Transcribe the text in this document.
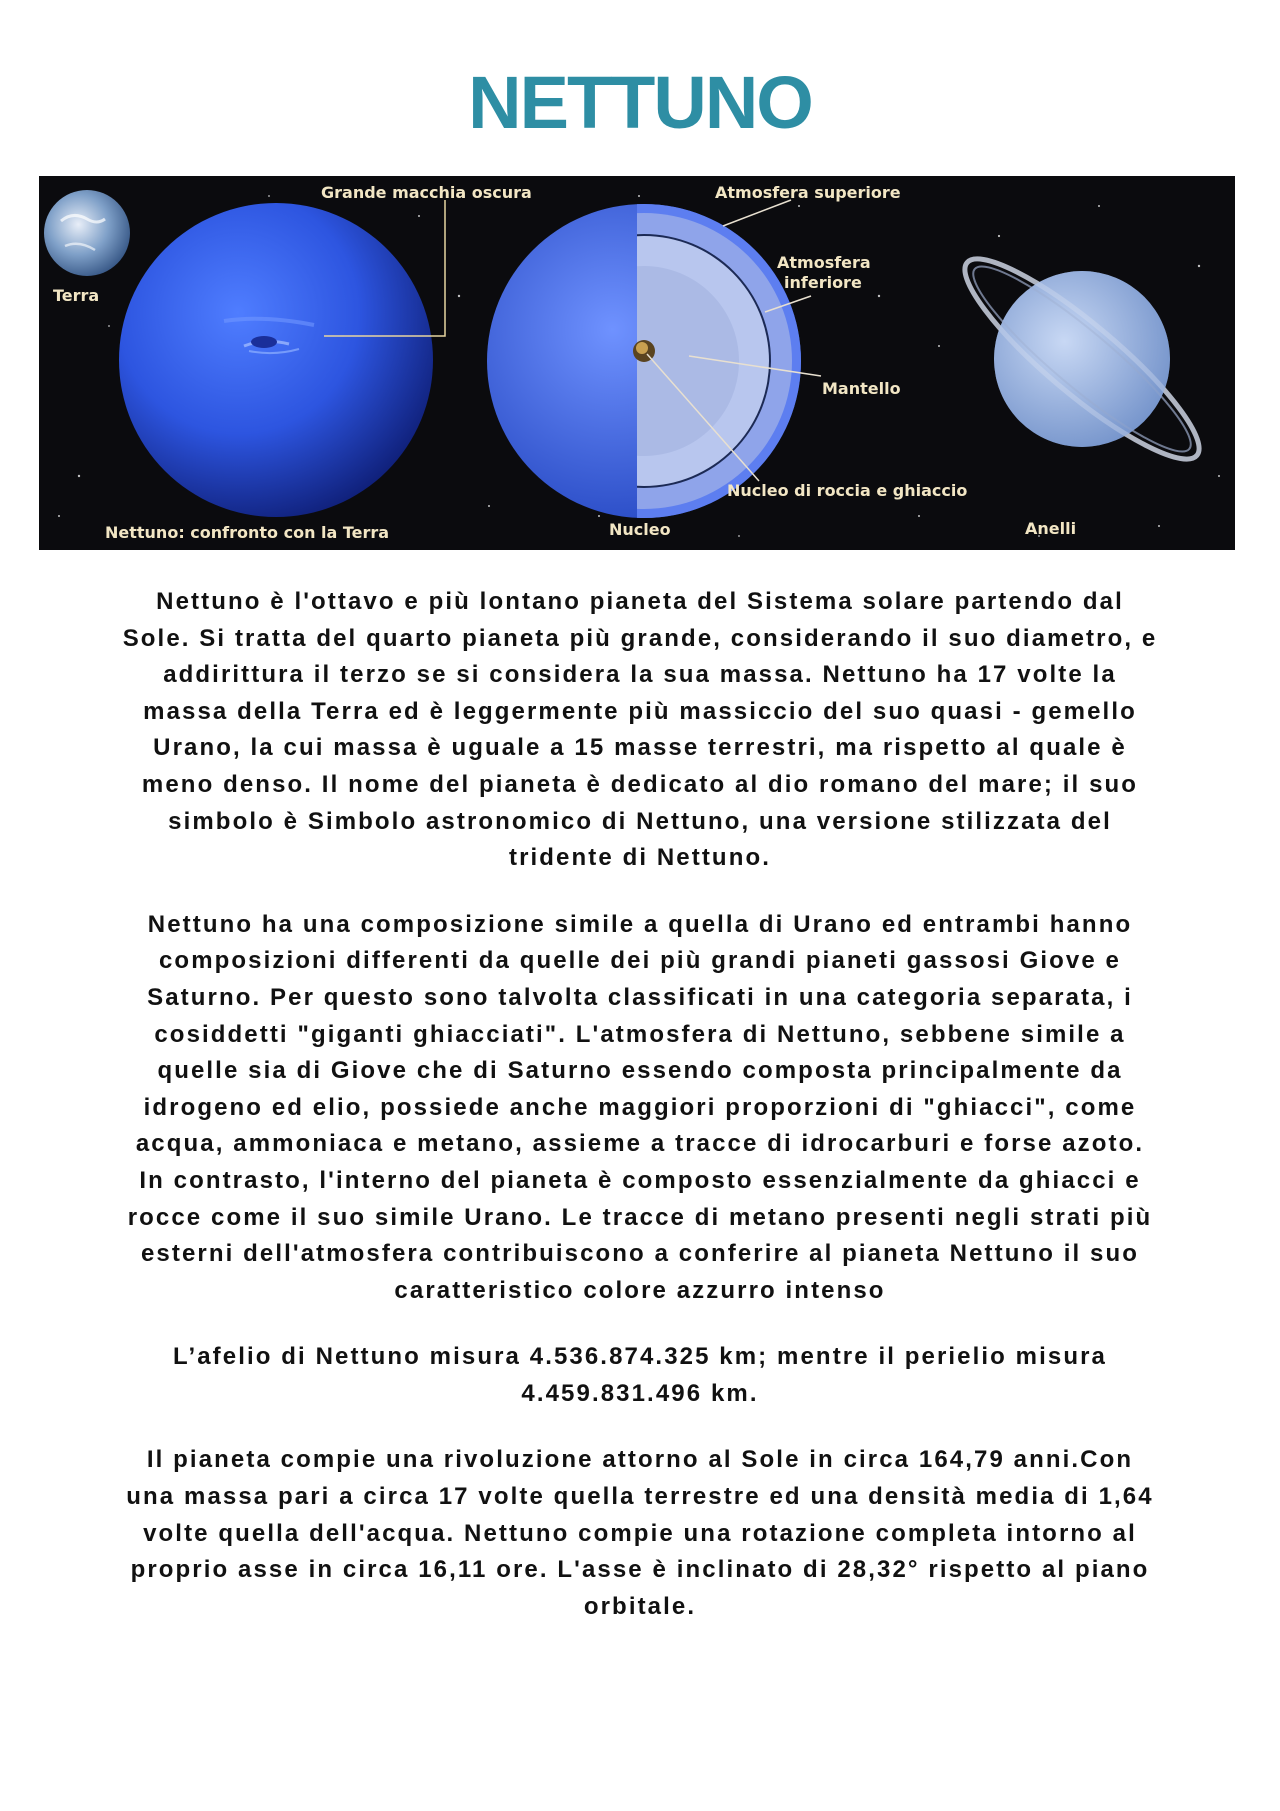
NETTUNO
Terra
Grande macchia oscura	Atmosfera superiore
Atmosfera
inferiore
Mantello
Nucleo di roccia e ghiaccio
Nettuno: confronto con la Terra	Nucleo	Anelli

Nettuno è l'ottavo e più lontano pianeta del Sistema solare partendo dal Sole. Si tratta del quarto pianeta più grande, considerando il suo diametro, e addirittura il terzo se si considera la sua massa. Nettuno ha 17 volte la massa della Terra ed è leggermente più massiccio del suo quasi - gemello Urano, la cui massa è uguale a 15 masse terrestri, ma rispetto al quale è meno denso. Il nome del pianeta è dedicato al dio romano del mare; il suo simbolo è Simbolo astronomico di Nettuno, una versione stilizzata del tridente di Nettuno.

Nettuno ha una composizione simile a quella di Urano ed entrambi hanno composizioni differenti da quelle dei più grandi pianeti gassosi Giove e Saturno. Per questo sono talvolta classificati in una categoria separata, i cosiddetti "giganti ghiacciati". L'atmosfera di Nettuno, sebbene simile a quelle sia di Giove che di Saturno essendo composta principalmente da idrogeno ed elio, possiede anche maggiori proporzioni di "ghiacci", come acqua, ammoniaca e metano, assieme a tracce di idrocarburi e forse azoto. In contrasto, l'interno del pianeta è composto essenzialmente da ghiacci e rocce come il suo simile Urano. Le tracce di metano presenti negli strati più esterni dell'atmosfera contribuiscono a conferire al pianeta Nettuno il suo caratteristico colore azzurro intenso

L’afelio di Nettuno misura 4.536.874.325 km; mentre il perielio misura 4.459.831.496 km.

Il pianeta compie una rivoluzione attorno al Sole in circa 164,79 anni.Con una massa pari a circa 17 volte quella terrestre ed una densità media di 1,64 volte quella dell'acqua. Nettuno compie una rotazione completa intorno al proprio asse in circa 16,11 ore. L'asse è inclinato di 28,32° rispetto al piano orbitale.
